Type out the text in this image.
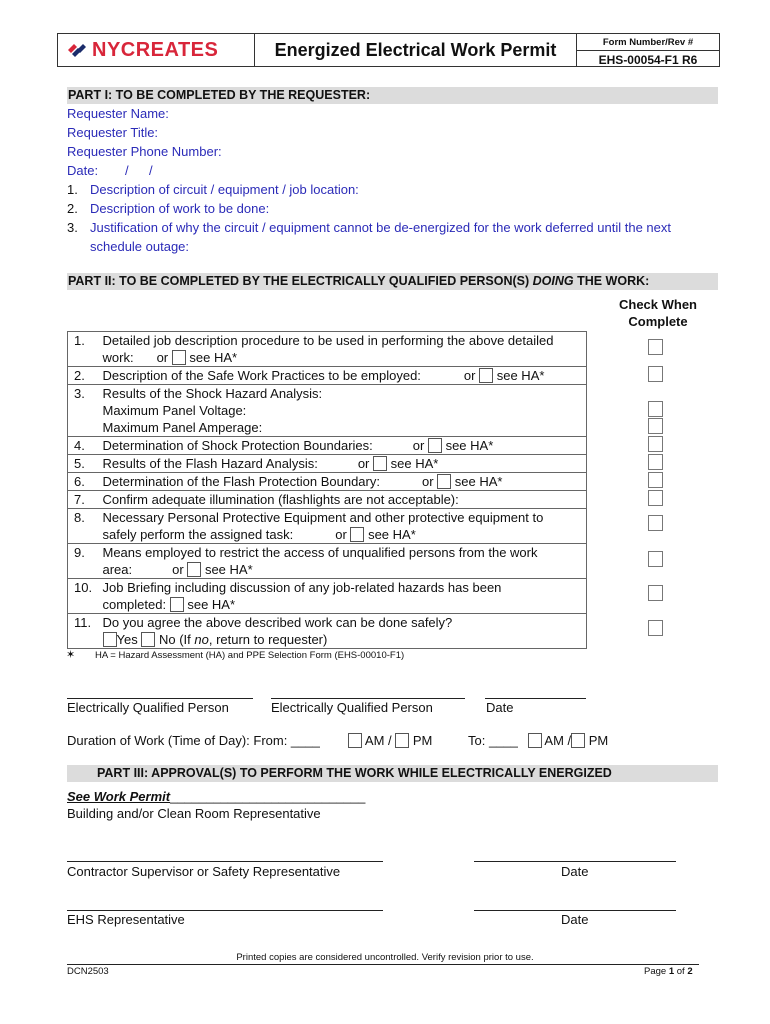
NYCREATES	Energized Electrical Work Permit	Form Number/Rev #
EHS-00054-F1 R6
PART I: TO BE COMPLETED BY THE REQUESTER:
Requester Name:
Requester Title:
Requester Phone Number:
Date: / /
1. Description of circuit / equipment / job location:
2. Description of work to be done:
3. Justification of why the circuit / equipment cannot be de-energized for the work deferred until the next
schedule outage:
PART II: TO BE COMPLETED BY THE ELECTRICALLY QUALIFIED PERSON(S) DOING THE WORK:
Check When
Complete
1.	Detailed job description procedure to be used in performing the above detailed
work: or see HA*

2.	Description of the Safe Work Practices to be employed: or see HA*
3.	Results of the Shock Hazard Analysis:
Maximum Panel Voltage:
Maximum Panel Amperage:

4.	Determination of Shock Protection Boundaries: or see HA*
5.	Results of the Flash Hazard Analysis: or see HA*
6.	Determination of the Flash Protection Boundary: or see HA*
7.	Confirm adequate illumination (flashlights are not acceptable):
8.	Necessary Personal Protective Equipment and other protective equipment to
safely perform the assigned task: or see HA*

9.	Means employed to restrict the access of unqualified persons from the work
area: or see HA*

10.	Job Briefing including discussion of any job-related hazards has been
completed: see HA*

11.	Do you agree the above described work can be done safely?
Yes No (If no, return to requester)
✶ HA = Hazard Assessment (HA) and PPE Selection Form (EHS-00010-F1)
Electrically Qualified Person	Electrically Qualified Person	Date
Duration of Work (Time of Day): From: ____	AM / PM	To: ____ AM / PM
PART III: APPROVAL(S) TO PERFORM THE WORK WHILE ELECTRICALLY ENERGIZED
See Work Permit___________________________
Building and/or Clean Room Representative
Contractor Supervisor or Safety Representative	Date
EHS Representative	Date
Printed copies are considered uncontrolled. Verify revision prior to use.
DCN2503	Page 1 of 2
